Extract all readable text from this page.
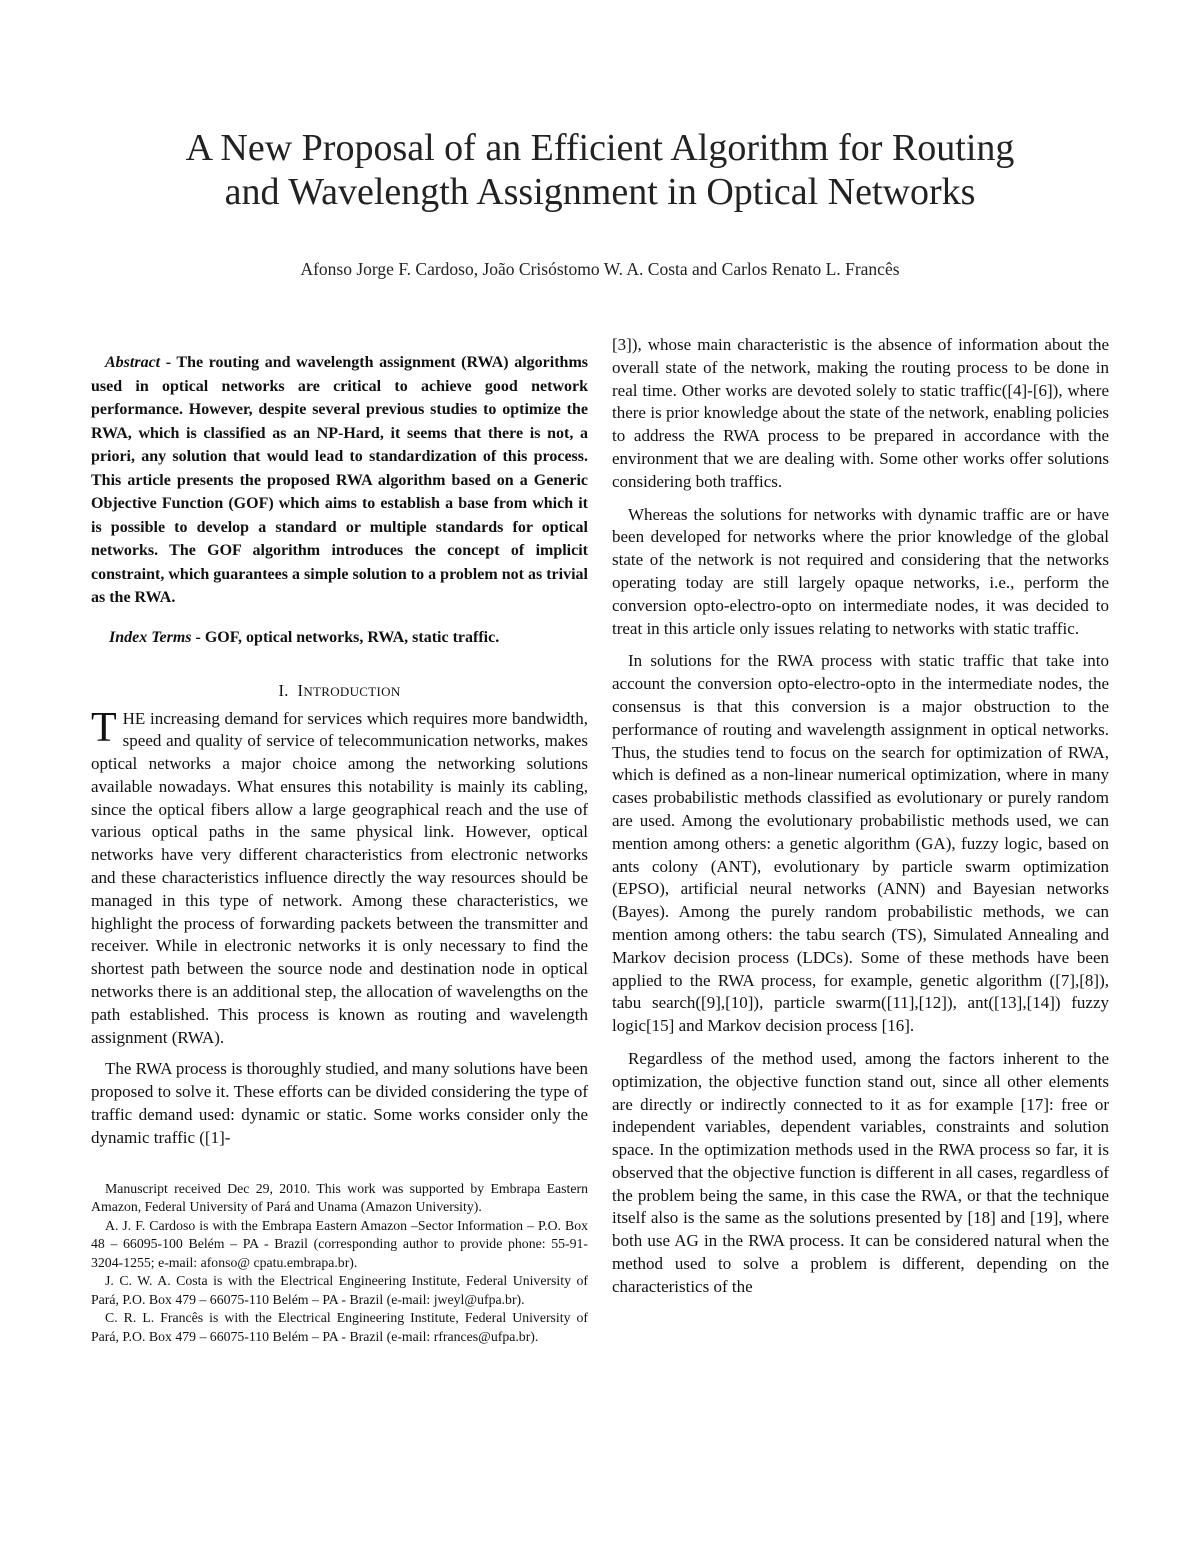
A New Proposal of an Efficient Algorithm for Routing
and Wavelength Assignment in Optical Networks
Afonso Jorge F. Cardoso, João Crisóstomo W. A. Costa and Carlos Renato L. Francês

Abstract - The routing and wavelength assignment (RWA) algorithms used in optical networks are critical to achieve good network performance. However, despite several previous studies to optimize the RWA, which is classified as an NP-Hard, it seems that there is not, a priori, any solution that would lead to standardization of this process. This article presents the proposed RWA algorithm based on a Generic Objective Function (GOF) which aims to establish a base from which it is possible to develop a standard or multiple standards for optical networks. The GOF algorithm introduces the concept of implicit constraint, which guarantees a simple solution to a problem not as trivial as the RWA.

Index Terms - GOF, optical networks, RWA, static traffic.

I. INTRODUCTION

THE increasing demand for services which requires more bandwidth, speed and quality of service of telecommunication networks, makes optical networks a major choice among the networking solutions available nowadays. What ensures this notability is mainly its cabling, since the optical fibers allow a large geographical reach and the use of various optical paths in the same physical link. However, optical networks have very different characteristics from electronic networks and these characteristics influence directly the way resources should be managed in this type of network. Among these characteristics, we highlight the process of forwarding packets between the transmitter and receiver. While in electronic networks it is only necessary to find the shortest path between the source node and destination node in optical networks there is an additional step, the allocation of wavelengths on the path established. This process is known as routing and wavelength assignment (RWA).

The RWA process is thoroughly studied, and many solutions have been proposed to solve it. These efforts can be divided considering the type of traffic demand used: dynamic or static. Some works consider only the dynamic traffic ([1]-

Manuscript received Dec 29, 2010. This work was supported by Embrapa Eastern Amazon, Federal University of Pará and Unama (Amazon University).

A. J. F. Cardoso is with the Embrapa Eastern Amazon –Sector Information – P.O. Box 48 – 66095-100 Belém – PA - Brazil (corresponding author to provide phone: 55-91-3204-1255; e-mail: afonso@ cpatu.embrapa.br).

J. C. W. A. Costa is with the Electrical Engineering Institute, Federal University of Pará, P.O. Box 479 – 66075-110 Belém – PA - Brazil (e-mail: jweyl@ufpa.br).

C. R. L. Francês is with the Electrical Engineering Institute, Federal University of Pará, P.O. Box 479 – 66075-110 Belém – PA - Brazil (e-mail: rfrances@ufpa.br).

[3]), whose main characteristic is the absence of information about the overall state of the network, making the routing process to be done in real time. Other works are devoted solely to static traffic([4]-[6]), where there is prior knowledge about the state of the network, enabling policies to address the RWA process to be prepared in accordance with the environment that we are dealing with. Some other works offer solutions considering both traffics.

Whereas the solutions for networks with dynamic traffic are or have been developed for networks where the prior knowledge of the global state of the network is not required and considering that the networks operating today are still largely opaque networks, i.e., perform the conversion opto-electro-opto on intermediate nodes, it was decided to treat in this article only issues relating to networks with static traffic.

In solutions for the RWA process with static traffic that take into account the conversion opto-electro-opto in the intermediate nodes, the consensus is that this conversion is a major obstruction to the performance of routing and wavelength assignment in optical networks. Thus, the studies tend to focus on the search for optimization of RWA, which is defined as a non-linear numerical optimization, where in many cases probabilistic methods classified as evolutionary or purely random are used. Among the evolutionary probabilistic methods used, we can mention among others: a genetic algorithm (GA), fuzzy logic, based on ants colony (ANT), evolutionary by particle swarm optimization (EPSO), artificial neural networks (ANN) and Bayesian networks (Bayes). Among the purely random probabilistic methods, we can mention among others: the tabu search (TS), Simulated Annealing and Markov decision process (LDCs). Some of these methods have been applied to the RWA process, for example, genetic algorithm ([7],[8]), tabu search([9],[10]), particle swarm([11],[12]), ant([13],[14]) fuzzy logic[15] and Markov decision process [16].

Regardless of the method used, among the factors inherent to the optimization, the objective function stand out, since all other elements are directly or indirectly connected to it as for example [17]: free or independent variables, dependent variables, constraints and solution space. In the optimization methods used in the RWA process so far, it is observed that the objective function is different in all cases, regardless of the problem being the same, in this case the RWA, or that the technique itself also is the same as the solutions presented by [18] and [19], where both use AG in the RWA process. It can be considered natural when the method used to solve a problem is different, depending on the characteristics of the
